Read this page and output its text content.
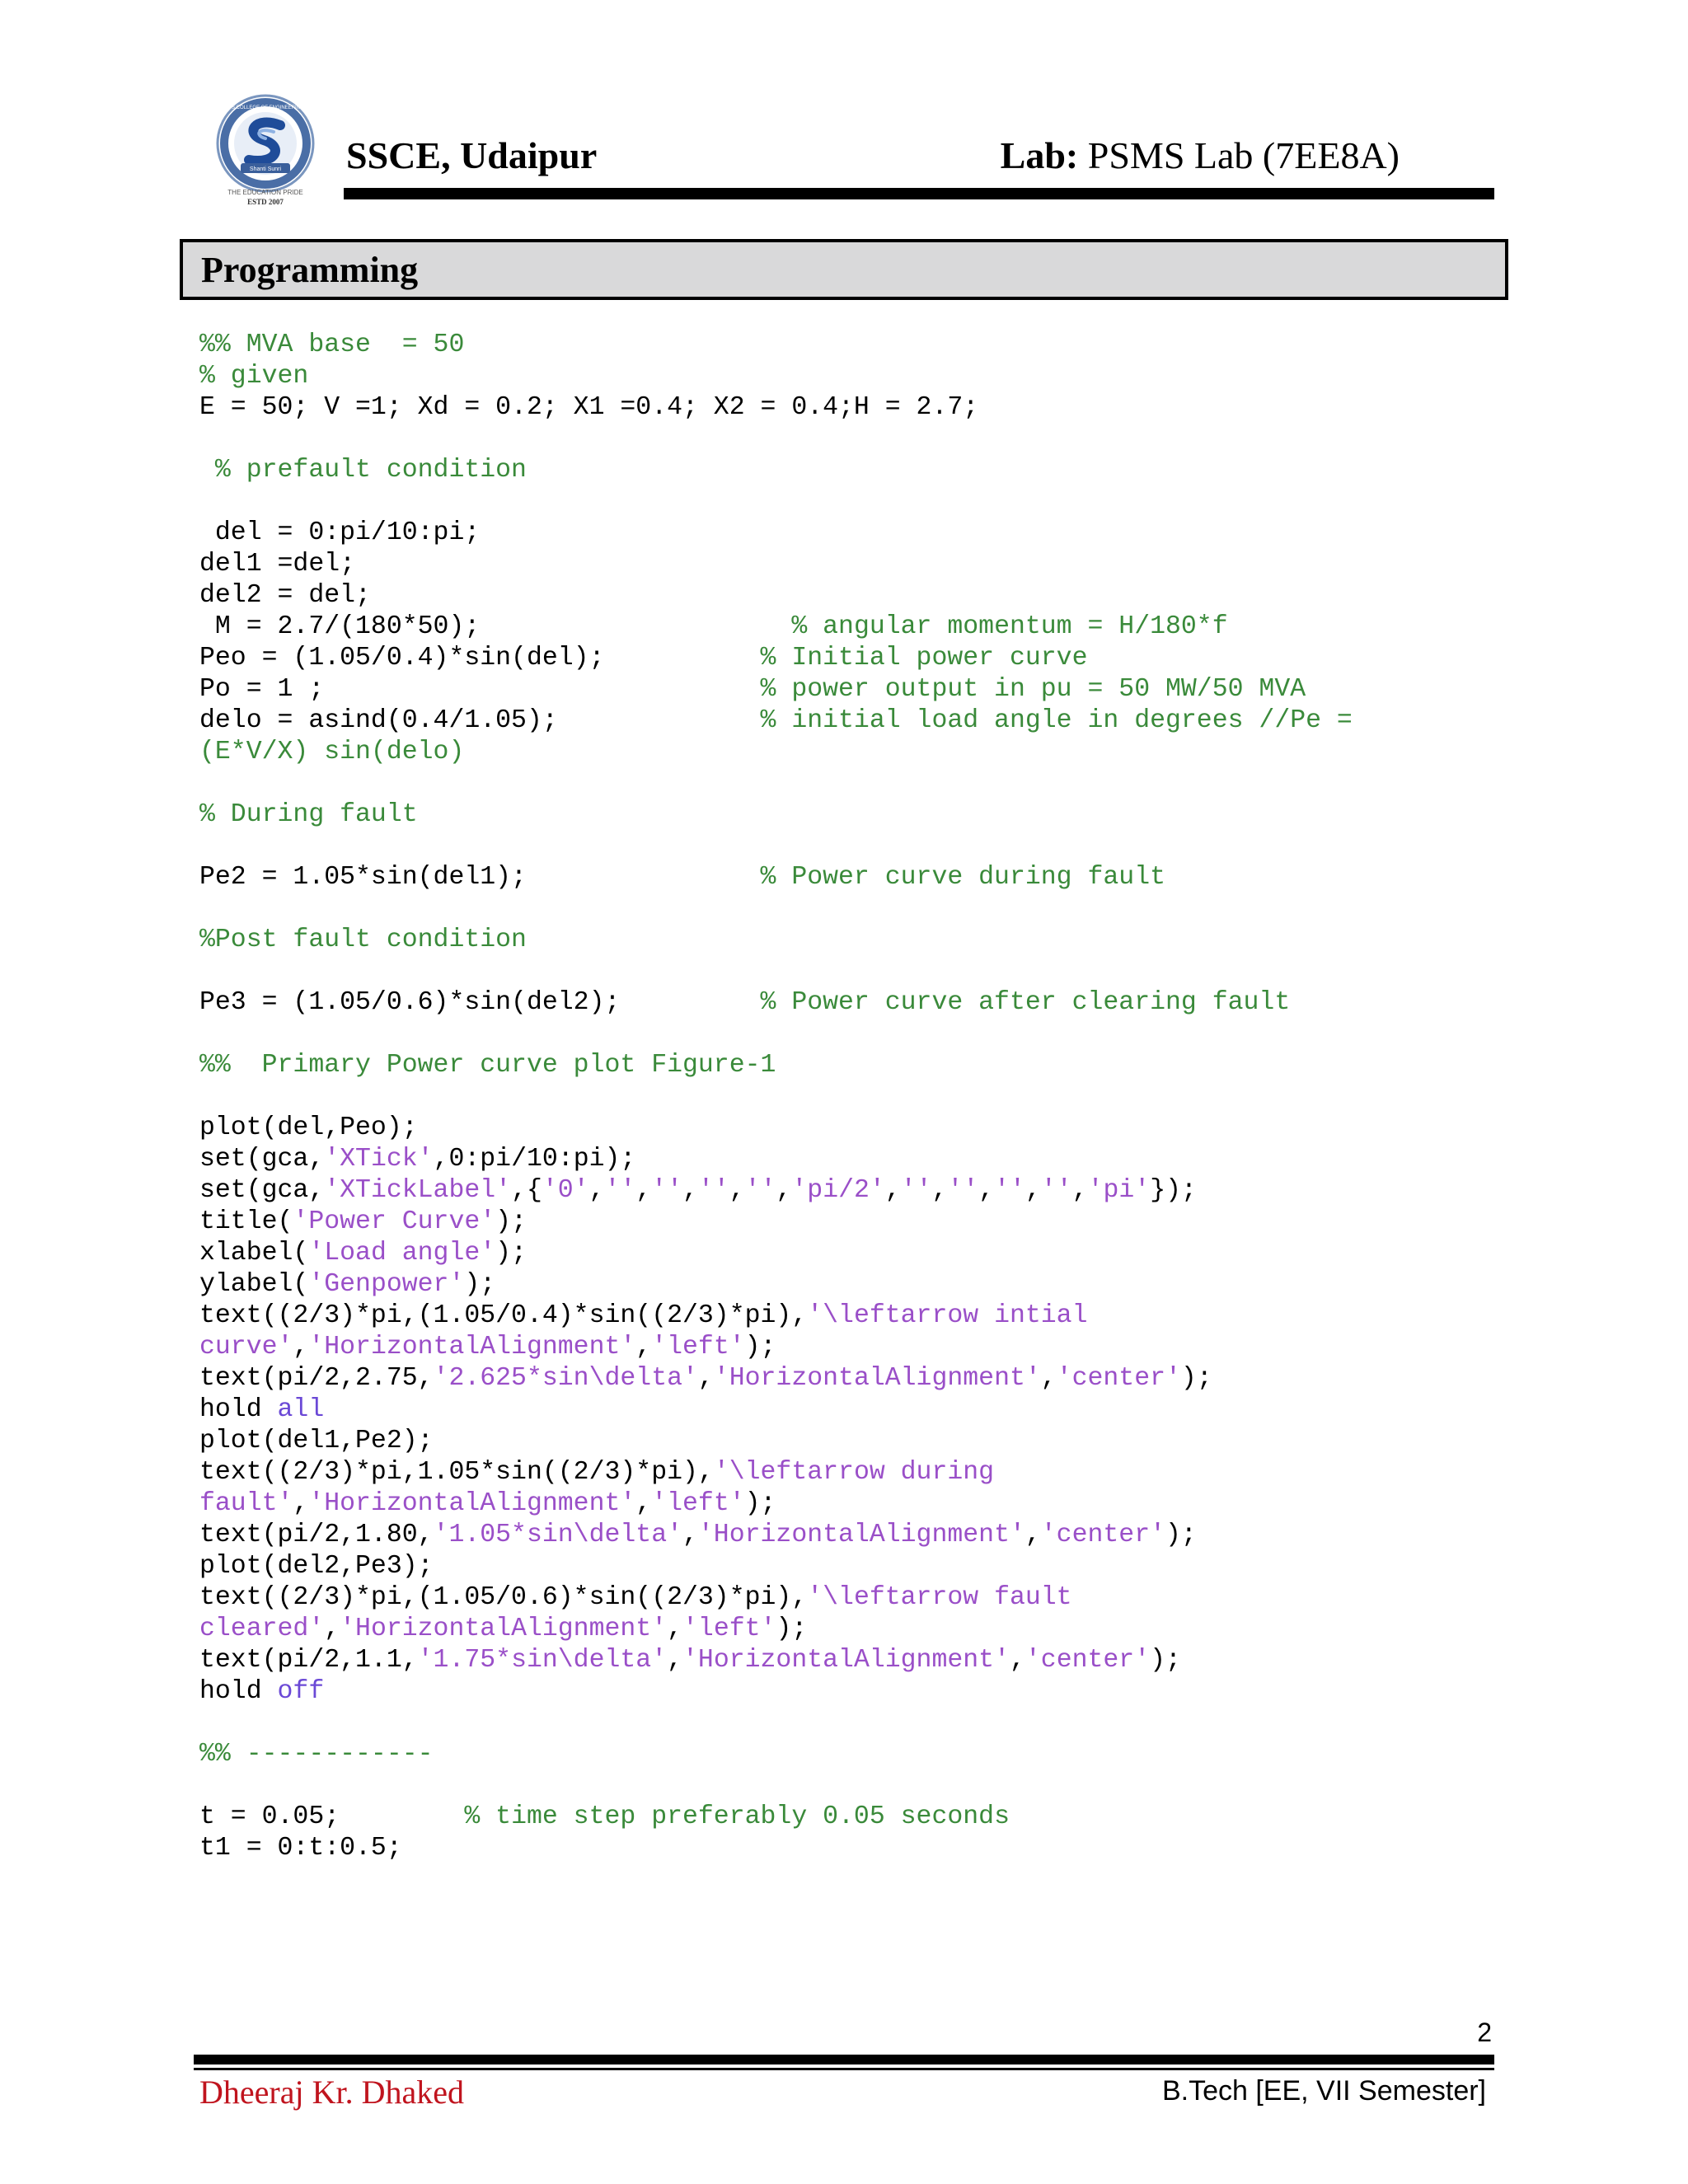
Shanti Sunri
S S COLLEGE OF ENGINEERING
THE EDUCATION PRIDE
ESTD 2007
SSCE, Udaipur	Lab: PSMS Lab (7EE8A)
Programming
%% MVA base  = 50
% given
E = 50; V =1; Xd = 0.2; X1 =0.4; X2 = 0.4;H = 2.7;

% prefault condition

del = 0:pi/10:pi;
del1 =del;
del2 = del;
M = 2.7/(180*50);                    % angular momentum = H/180*f
Peo = (1.05/0.4)*sin(del);          % Initial power curve
Po = 1 ;                            % power output in pu = 50 MW/50 MVA
delo = asind(0.4/1.05);             % initial load angle in degrees //Pe =
(E*V/X) sin(delo)

% During fault

Pe2 = 1.05*sin(del1);               % Power curve during fault

%Post fault condition

Pe3 = (1.05/0.6)*sin(del2);         % Power curve after clearing fault

%%  Primary Power curve plot Figure-1

plot(del,Peo);
set(gca,'XTick',0:pi/10:pi);
set(gca,'XTickLabel',{'0','','','','','pi/2','','','','','pi'});
title('Power Curve');
xlabel('Load angle');
ylabel('Genpower');
text((2/3)*pi,(1.05/0.4)*sin((2/3)*pi),'\leftarrow intial
curve','HorizontalAlignment','left');
text(pi/2,2.75,'2.625*sin\delta','HorizontalAlignment','center');
hold all
plot(del1,Pe2);
text((2/3)*pi,1.05*sin((2/3)*pi),'\leftarrow during
fault','HorizontalAlignment','left');
text(pi/2,1.80,'1.05*sin\delta','HorizontalAlignment','center');
plot(del2,Pe3);
text((2/3)*pi,(1.05/0.6)*sin((2/3)*pi),'\leftarrow fault
cleared','HorizontalAlignment','left');
text(pi/2,1.1,'1.75*sin\delta','HorizontalAlignment','center');
hold off

%% ------------

t = 0.05;        % time step preferably 0.05 seconds
t1 = 0:t:0.5;
2
Dheeraj Kr. Dhaked	B.Tech [EE, VII Semester]
